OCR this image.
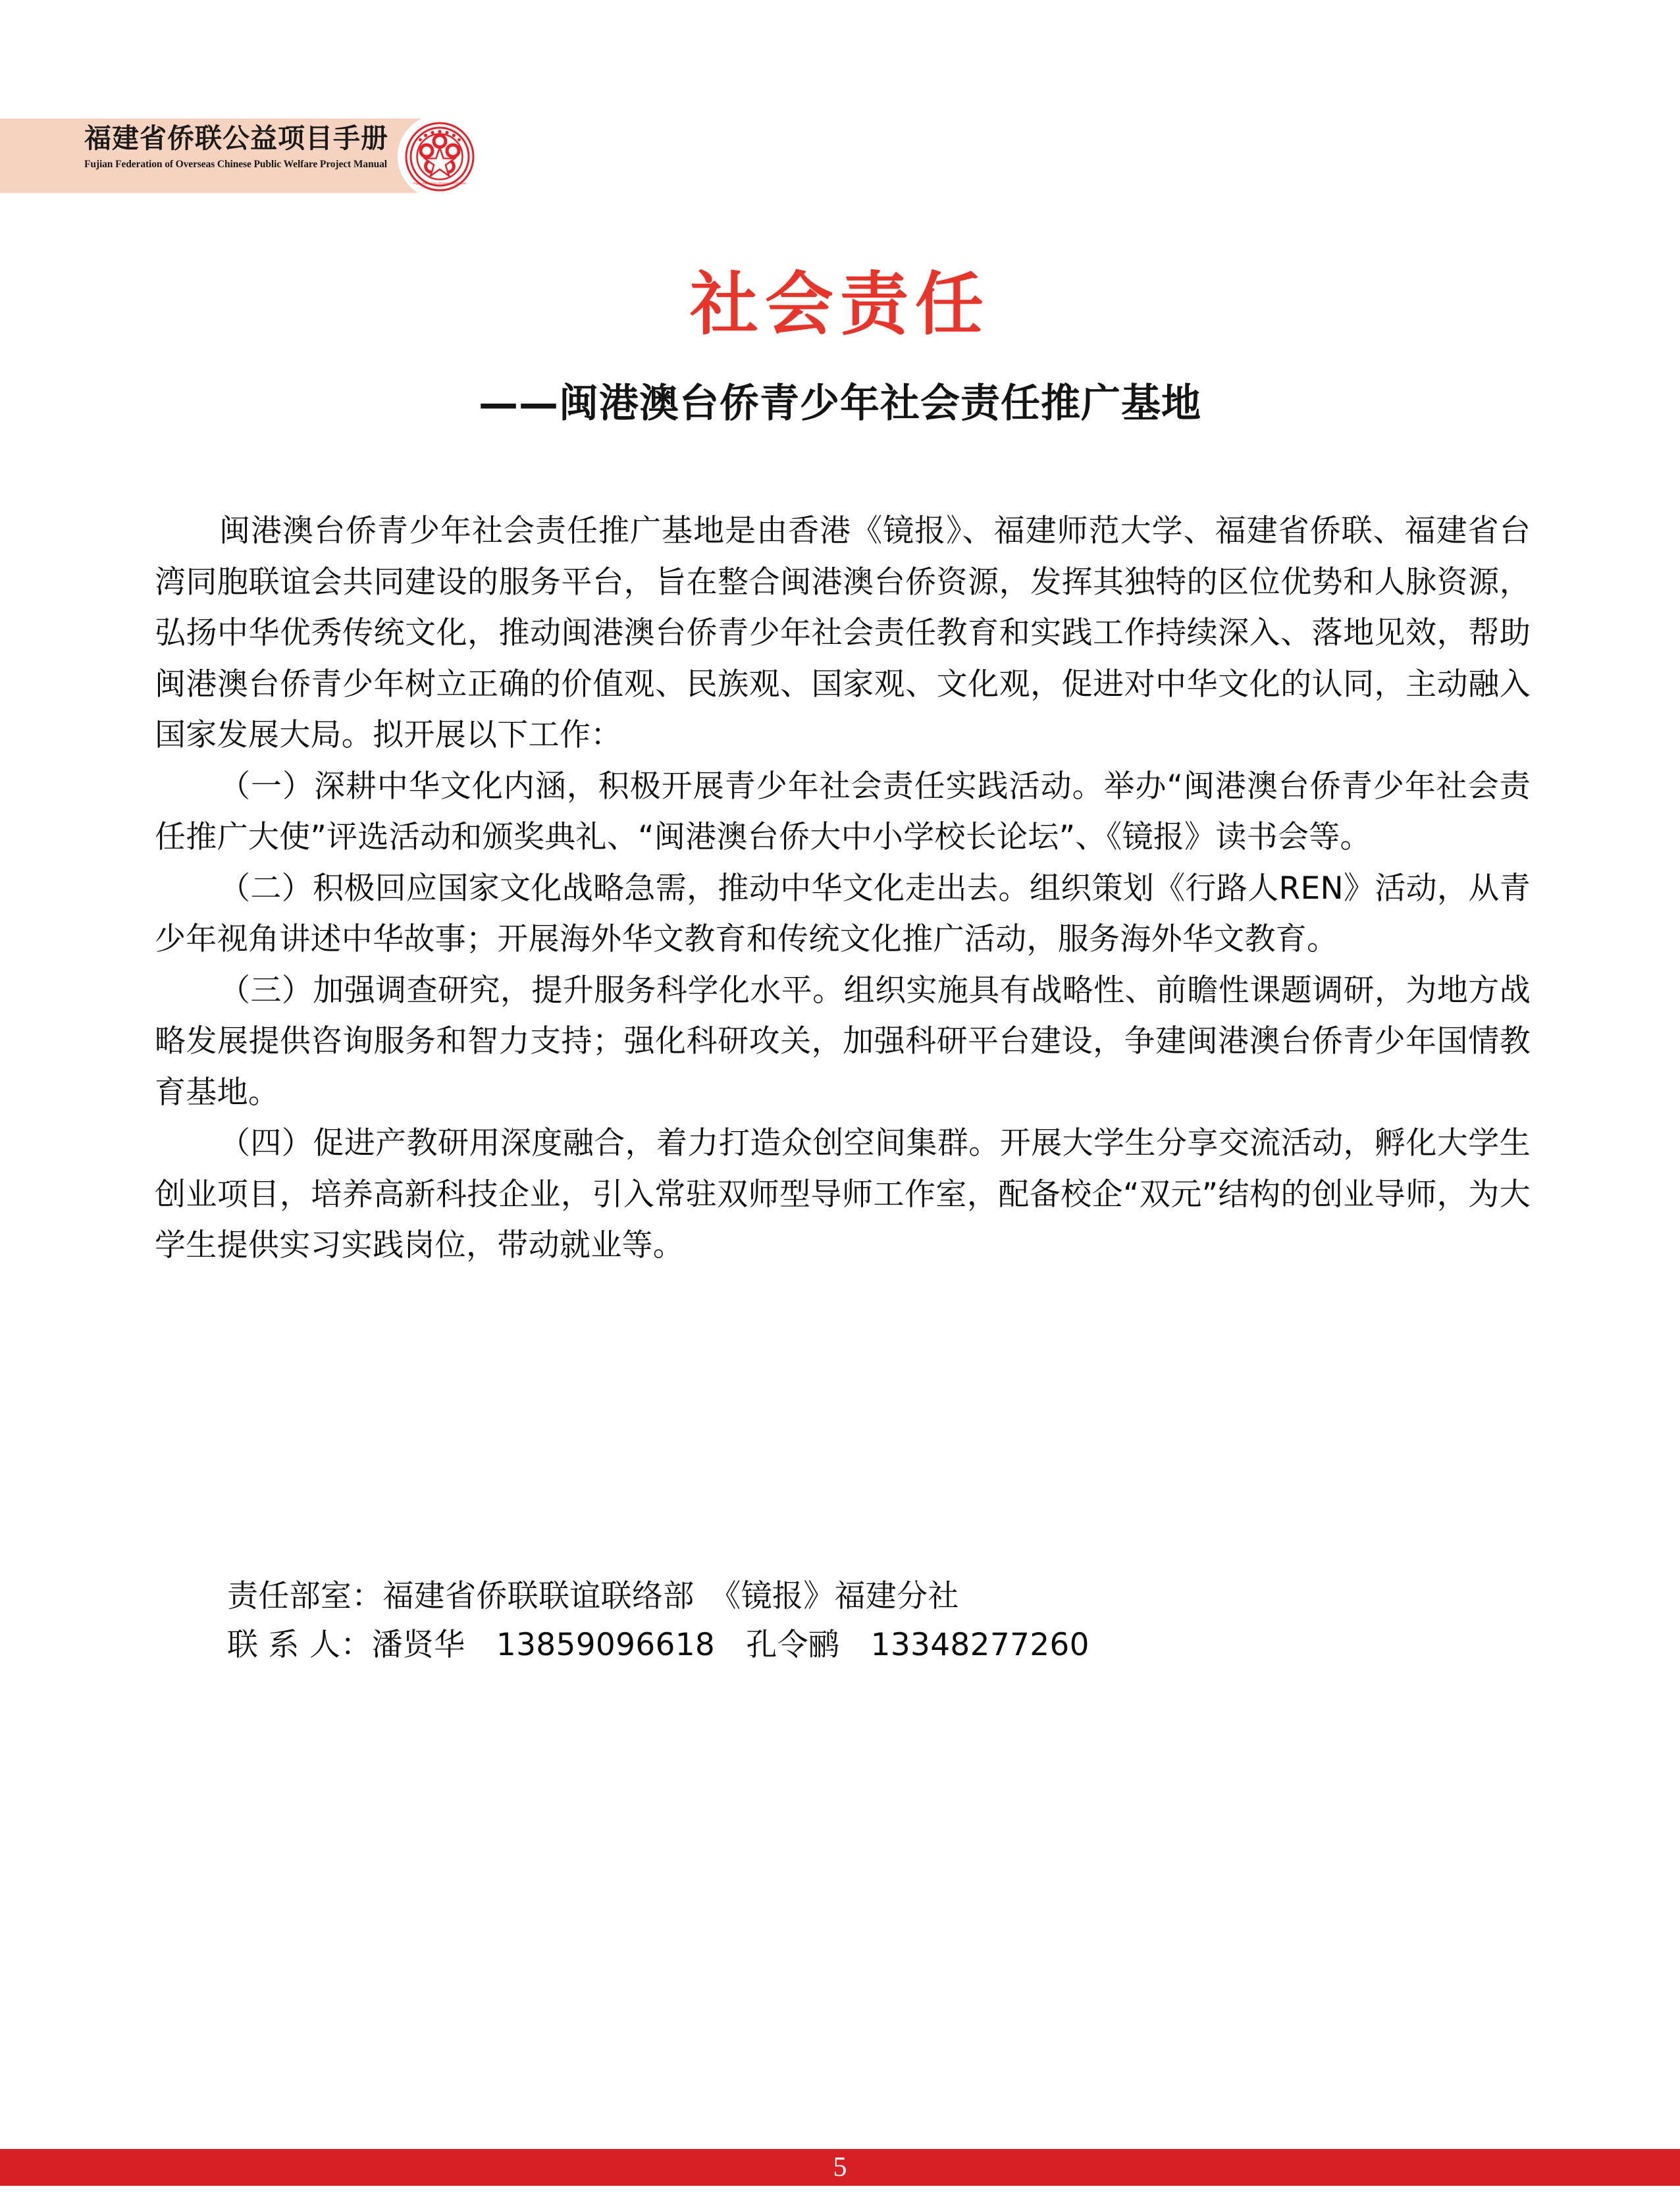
福建省侨联公益项目手册
Fujian Federation of Overseas Chinese Public Welfare Project Manual
Fujian Federation of Overseas Chinese
社会责任
——闽港澳台侨青少年社会责任推广基地

闽港澳台侨青少年社会责任推广基地是由香港《镜报》、福建师范大学、福建省侨联、福建省台湾同胞联谊会共同建设的服务平台，旨在整合闽港澳台侨资源，发挥其独特的区位优势和人脉资源，弘扬中华优秀传统文化，推动闽港澳台侨青少年社会责任教育和实践工作持续深入、落地见效，帮助闽港澳台侨青少年树立正确的价值观、民族观、国家观、文化观，促进对中华文化的认同，主动融入国家发展大局。拟开展以下工作：

（一）深耕中华文化内涵，积极开展青少年社会责任实践活动。举办“闽港澳台侨青少年社会责任推广大使”评选活动和颁奖典礼、“闽港澳台侨大中小学校长论坛”、《镜报》读书会等。

（二）积极回应国家文化战略急需，推动中华文化走出去。组织策划《行路人REN》活动，从青少年视角讲述中华故事；开展海外华文教育和传统文化推广活动，服务海外华文教育。

（三）加强调查研究，提升服务科学化水平。组织实施具有战略性、前瞻性课题调研，为地方战略发展提供咨询服务和智力支持；强化科研攻关，加强科研平台建设，争建闽港澳台侨青少年国情教育基地。

（四）促进产教研用深度融合，着力打造众创空间集群。开展大学生分享交流活动，孵化大学生创业项目，培养高新科技企业，引入常驻双师型导师工作室，配备校企“双元”结构的创业导师，为大学生提供实习实践岗位，带动就业等。

责任部室：福建省侨联联谊联络部　《镜报》福建分社
联 系 人：潘贤华　13859096618　孔令鹂　13348277260
5
